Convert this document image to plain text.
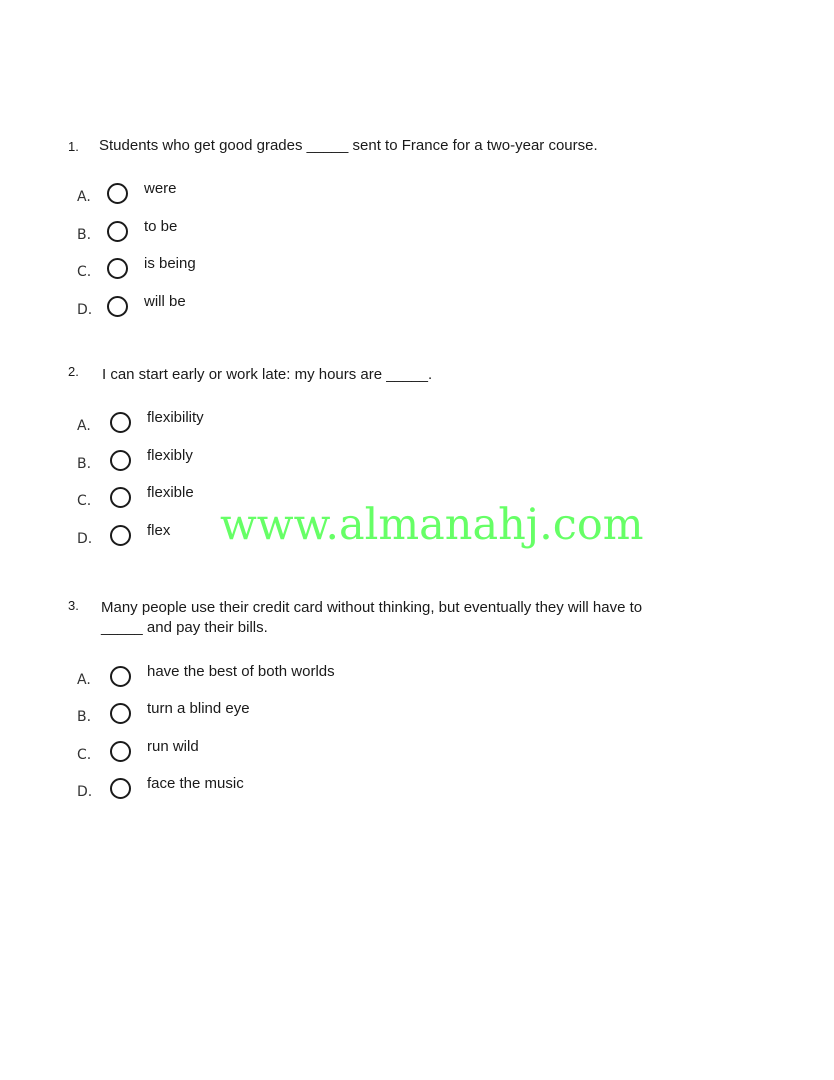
1. Students who get good grades _____ sent to France for a two-year course.
A.	were
B.	to be
C.	is being
D.	will be
2. I can start early or work late: my hours are _____.
A.	flexibility
B.	flexibly
C.	flexible
D.	flex www.almanahj.com
3. Many people use their credit card without thinking, but eventually they will have to
_____ and pay their bills.
A.	have the best of both worlds
B.	turn a blind eye
C.	run wild
D.	face the music
